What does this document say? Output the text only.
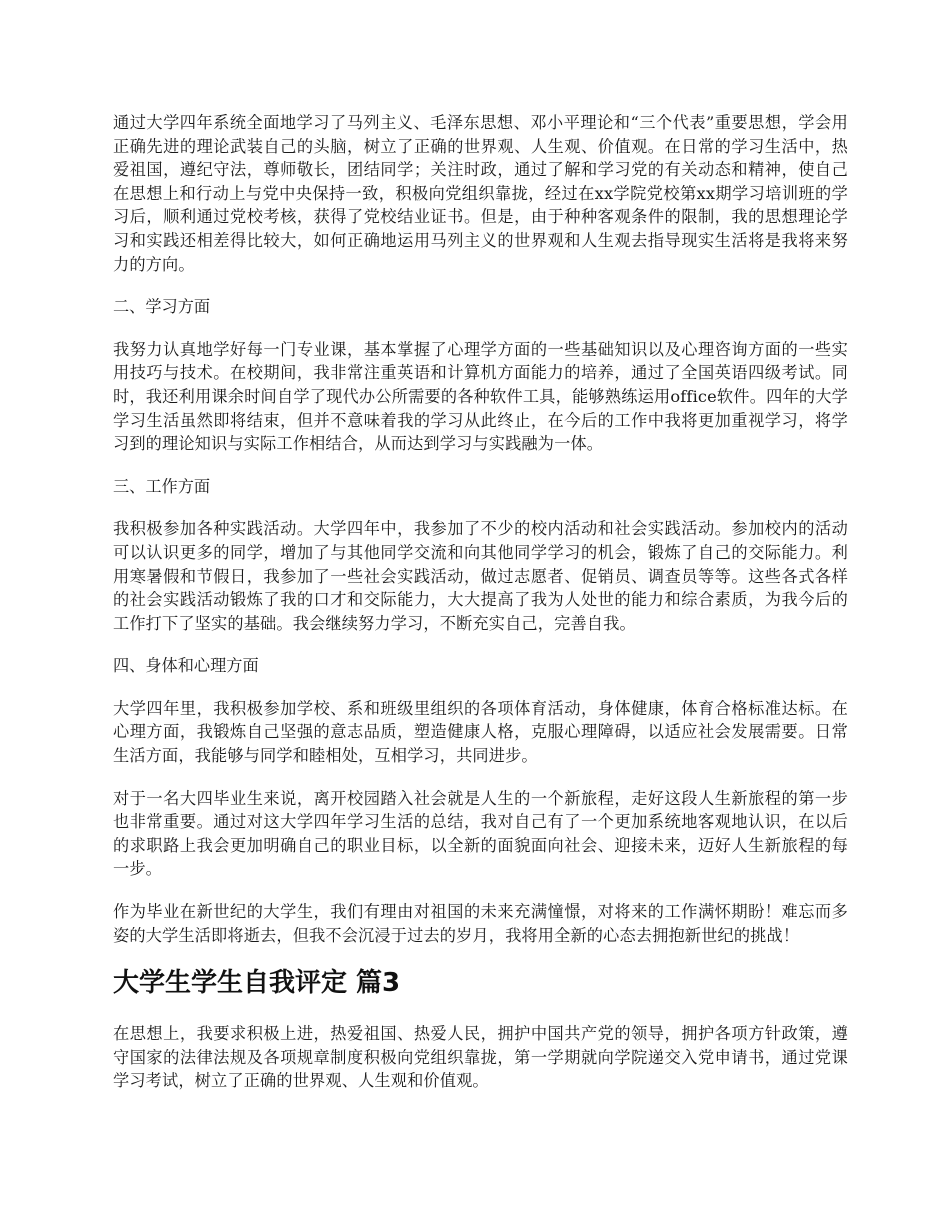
通过大学四年系统全面地学习了马列主义、毛泽东思想、邓小平理论和“三个代表”重要思想，学会用正确先进的理论武装自己的头脑，树立了正确的世界观、人生观、价值观。在日常的学习生活中，热爱祖国，遵纪守法，尊师敬长，团结同学；关注时政，通过了解和学习党的有关动态和精神，使自己在思想上和行动上与党中央保持一致，积极向党组织靠拢，经过在xx学院党校第xx期学习培训班的学习后，顺利通过党校考核，获得了党校结业证书。但是，由于种种客观条件的限制，我的思想理论学习和实践还相差得比较大，如何正确地运用马列主义的世界观和人生观去指导现实生活将是我将来努力的方向。

二、学习方面

我努力认真地学好每一门专业课，基本掌握了心理学方面的一些基础知识以及心理咨询方面的一些实用技巧与技术。在校期间，我非常注重英语和计算机方面能力的培养，通过了全国英语四级考试。同时，我还利用课余时间自学了现代办公所需要的各种软件工具，能够熟练运用office软件。四年的大学学习生活虽然即将结束，但并不意味着我的学习从此终止，在今后的工作中我将更加重视学习，将学习到的理论知识与实际工作相结合，从而达到学习与实践融为一体。

三、工作方面

我积极参加各种实践活动。大学四年中，我参加了不少的校内活动和社会实践活动。参加校内的活动可以认识更多的同学，增加了与其他同学交流和向其他同学学习的机会，锻炼了自己的交际能力。利用寒暑假和节假日，我参加了一些社会实践活动，做过志愿者、促销员、调查员等等。这些各式各样的社会实践活动锻炼了我的口才和交际能力，大大提高了我为人处世的能力和综合素质，为我今后的工作打下了坚实的基础。我会继续努力学习，不断充实自己，完善自我。

四、身体和心理方面

大学四年里，我积极参加学校、系和班级里组织的各项体育活动，身体健康，体育合格标准达标。在心理方面，我锻炼自己坚强的意志品质，塑造健康人格，克服心理障碍，以适应社会发展需要。日常生活方面，我能够与同学和睦相处，互相学习，共同进步。

对于一名大四毕业生来说，离开校园踏入社会就是人生的一个新旅程，走好这段人生新旅程的第一步也非常重要。通过对这大学四年学习生活的总结，我对自己有了一个更加系统地客观地认识，在以后的求职路上我会更加明确自己的职业目标，以全新的面貌面向社会、迎接未来，迈好人生新旅程的每一步。

作为毕业在新世纪的大学生，我们有理由对祖国的未来充满憧憬，对将来的工作满怀期盼！难忘而多姿的大学生活即将逝去，但我不会沉浸于过去的岁月，我将用全新的心态去拥抱新世纪的挑战！

大学生学生自我评定 篇3

在思想上，我要求积极上进，热爱祖国、热爱人民，拥护中国共产党的领导，拥护各项方针政策，遵守国家的法律法规及各项规章制度积极向党组织靠拢，第一学期就向学院递交入党申请书，通过党课学习考试，树立了正确的世界观、人生观和价值观。
